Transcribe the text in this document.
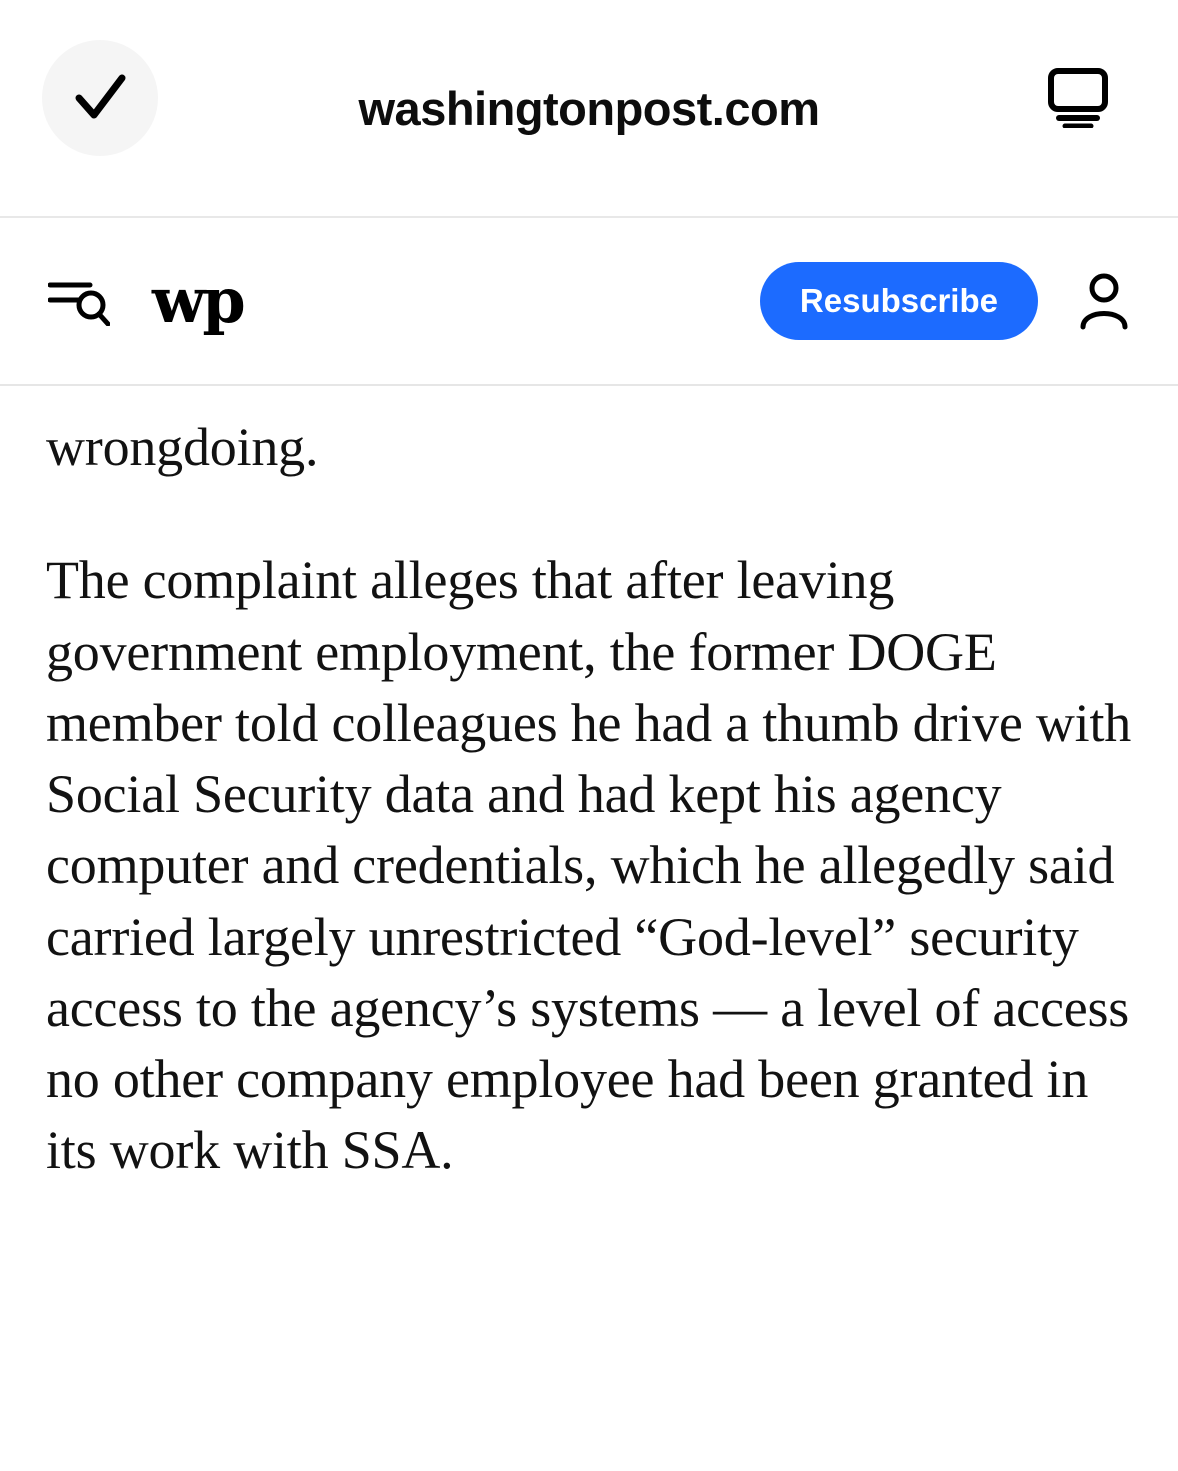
washingtonpost.com
wp	Resubscribe

wrongdoing.

The complaint alleges that after leaving government employment, the former DOGE member told colleagues he had a thumb drive with Social Security data and had kept his agency computer and credentials, which he allegedly said carried largely unrestricted “God-level” security access to the agency’s systems — a level of access no other company employee had been granted in its work with SSA.
